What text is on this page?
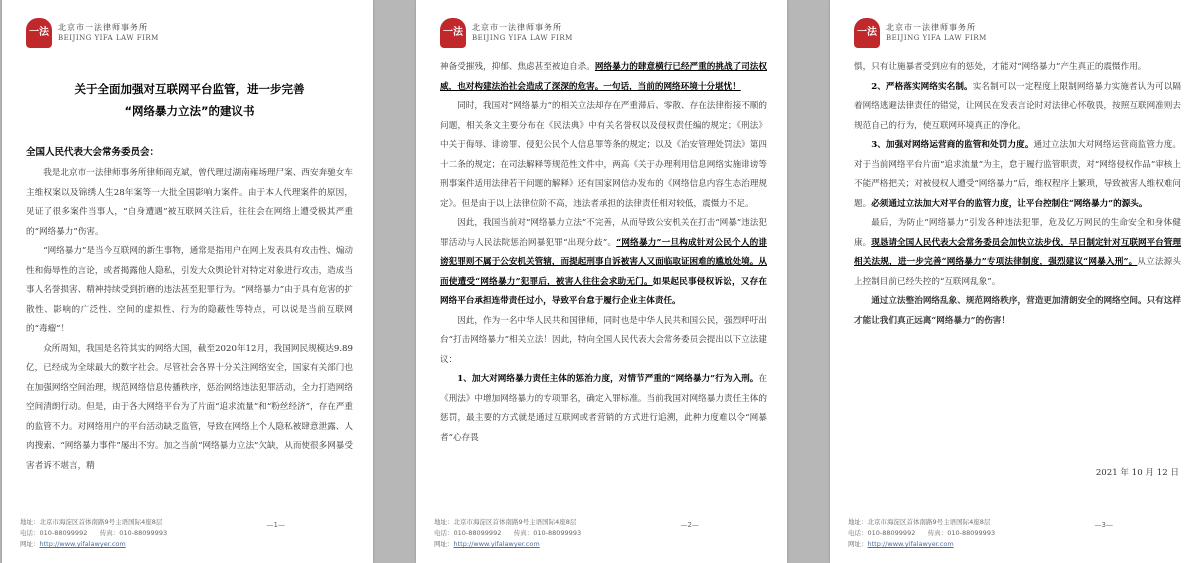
一法	北京市一法律师事务所
BEIJING YIFA LAW FIRM
关于全面加强对互联网平台监管，进一步完善
“网络暴力立法”的建议书
全国人民代表大会常务委员会：

我是北京市一法律师事务所律师阎克斌，曾代理过湖南雍场理尸案、西安奔驰女车主维权案以及锦绣人生28年案等一大批全国影响力案件。由于本人代理案件的原因，见证了很多案件当事人，“自身遭遇”被互联网关注后，往往会在网络上遭受极其严重的“网络暴力”伤害。

“网络暴力”是当今互联网的新生事物，通常是指用户在网上发表具有攻击性、煽动性和侮辱性的言论，或者揭露他人隐私，引发大众舆论针对特定对象进行攻击，造成当事人名誉损害、精神持续受到折磨的违法甚至犯罪行为。“网络暴力”由于具有危害的扩散性、影响的广泛性、空间的虚拟性、行为的隐蔽性等特点，可以说是当前互联网的“毒瘤”！

众所周知，我国是名符其实的网络大国，截至2020年12月，我国网民规模达9.89亿，已经成为全球最大的数字社会。尽管社会各界十分关注网络安全，国家有关部门也在加强网络空间治理，规范网络信息传播秩序，惩治网络违法犯罪活动，全力打造网络空间清朗行动。但是，由于各大网络平台为了片面“追求流量”和“粉丝经济”，存在严重的监管不力。对网络用户的平台活动缺乏监管，导致在网络上个人隐私被肆意泄露、人肉搜索、“网络暴力事件”屡出不穷。加之当前“网络暴力立法”欠缺，从而使很多网暴受害者诉不堪言，精

地址：北京市海淀区首体南路9号主语国际4座8层
电话：010-88099992 传真：010-88099993
网址：http://www.yifalawyer.com
—1—
一法	北京市一法律师事务所
BEIJING YIFA LAW FIRM

神备受摧残，抑郁、焦虑甚至被迫自杀。网络暴力的肆意横行已经严重的挑战了司法权威，也对构建法治社会造成了深深的危害。一句话，当前的网络环境十分堪忧！

同时，我国对“网络暴力”的相关立法却存在严重滞后、零散、存在法律衔接不顺的问题，相关条文主要分布在《民法典》中有关名誉权以及侵权责任编的规定；《刑法》中关于侮辱、诽谤罪、侵犯公民个人信息罪等条的规定；以及《治安管理处罚法》第四十二条的规定；在司法解释等规范性文件中，两高《关于办理利用信息网络实施诽谤等刑事案件适用法律若干问题的解释》还有国家网信办发布的《网络信息内容生态治理规定》。但是由于以上法律位阶不高，违法者承担的法律责任相对较低，震慑力不足。

因此，我国当前对“网络暴力立法”不完善，从而导致公安机关在打击“网暴”违法犯罪活动与人民法院惩治网暴犯罪“出现分歧”。“网络暴力”一旦构成针对公民个人的诽谤犯罪则不属于公安机关管辖，而提起刑事自诉被害人又面临取证困难的尴尬处境。从而使遭受“网络暴力”犯罪后，被害人往往会求助无门。如果起民事侵权诉讼，又存在网络平台承担连带责任过小，导致平台怠于履行企业主体责任。

因此，作为一名中华人民共和国律师，同时也是中华人民共和国公民，强烈呼吁出台“打击网络暴力”相关立法！因此，特向全国人民代表大会常务委员会提出以下立法建议：

1、加大对网络暴力责任主体的惩治力度，对情节严重的“网络暴力”行为入刑。在《刑法》中增加网络暴力的专项罪名，确定入罪标准。当前我国对网络暴力责任主体的惩罚，最主要的方式就是通过互联网或者营销的方式进行追溯，此种力度难以令“网暴者”心存畏

地址：北京市海淀区首体南路9号主语国际4座8层
电话：010-88099992 传真：010-88099993
网址：http://www.yifalawyer.com
—2—
一法	北京市一法律师事务所
BEIJING YIFA LAW FIRM

惧，只有让施暴者受到应有的惩处，才能对“网络暴力”产生真正的震慑作用。

2、严格落实网络实名制。实名制可以一定程度上限制网络暴力实施者认为可以隔着网络逃避法律责任的错觉，让网民在发表言论时对法律心怀敬畏，按照互联网准则去规范自己的行为，使互联网环境真正的净化。

3、加强对网络运营商的监管和处罚力度。通过立法加大对网络运营商监管力度。对于当前网络平台片面“追求流量”为主，怠于履行监管职责，对“网络侵权作品”审核上不能严格把关；对被侵权人遭受“网络暴力”后，维权程序上繁琐，导致被害人维权难问题。必须通过立法加大对平台的监管力度，让平台控制住“网络暴力”的源头。

最后，为防止“网络暴力”引发各种违法犯罪，危及亿万网民的生命安全和身体健康。现恳请全国人民代表大会常务委员会加快立法步伐，早日制定针对互联网平台管理相关法规，进一步完善“网络暴力”专项法律制度，强烈建议“网暴入刑”。从立法源头上控制目前已经失控的“互联网乱象”。

通过立法整治网络乱象、规范网络秩序，营造更加清朗安全的网络空间。只有这样才能让我们真正远离“网络暴力”的伤害！

2021 年 10 月 12 日
地址：北京市海淀区首体南路9号主语国际4座8层
电话：010-88099992 传真：010-88099993
网址：http://www.yifalawyer.com
—3—
